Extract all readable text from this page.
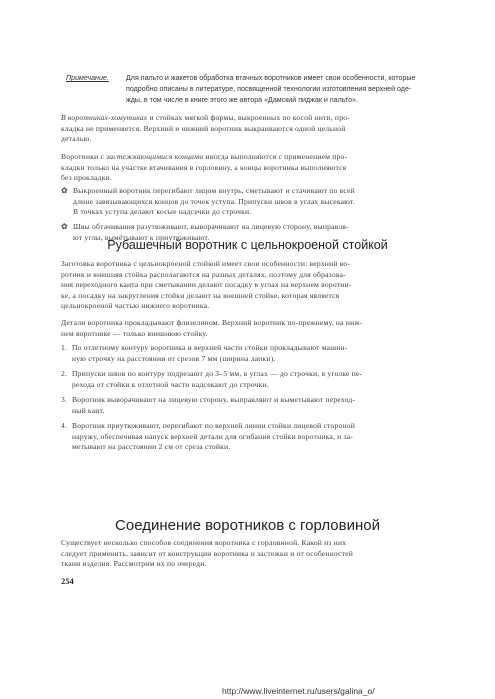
Примечание. Для пальто и жакетов обработка втачных воротников имеет свои особенности, которые
подробно описаны в литературе, посвященной технологии изготовления верхней оде-
жды, в том числе в книге этого же автора «Дамский пиджак и пальто».
В воротниках-хомутиках и стойках мягкой формы, выкроенных по косой нити, про-
кладка не применяется. Верхний и нижний воротник выкраиваются одной цельной
деталью.
Воротники с застежкающимися концами иногда выполняются с применением про-
кладки только на участке втачивания в горловину, а концы воротника выполняются
без прокладки.
✿ Выкроенный воротник перегибают лицом внутрь, сметывают и стачивают по всей
длине завязывающихся концов до точек уступа. Припуски швов в углах высекают.
В точках уступа делают косые надсечки до строчки.
✿ Швы обтачивания разутюживают, выворачивают на лицевую сторону, выправля-
ют углы, вымётывают к приутюживают.
Рубашечный воротник с цельнокроеной стойкой
Заготовка воротника с цельнокроеной стойкой имеет свои особенности: верхний во-
ротник и внешняя стойка располагаются на разных деталях, поэтому для образова-
ния переходного канта при сметывании делают посадку в углах на верхнем воротни-
ке, а посадку на закругления стойки делают на внешней стойке, которая является
цельнокроеной частью нижнего воротника.
Детали воротника прокладывают флизелином. Верхний воротник по-прежнему, на ниж-
нем воротнике — только внешнюю стойку.
1. По отлетному контуру воротника и верхней части стойки прокладывают машин-
ную строчку на расстоянии от срезов 7 мм (ширина лапки).
2. Припуски швов по контуру подрезают до 3–5 мм, в углах — до строчки, в уголке пе-
рехода от стойки к отлетной части надсекают до строчки.
3. Воротник выворачивают на лицевую сторону, выправляют и выметывают переход-
ный кант.
4. Воротник приутюживают, перегибают по верхней линии стойки лицевой стороной
наружу, обеспечивая напуск верхней детали для огибания стойки воротника, и за-
метывают на расстоянии 2 см от среза стойки.
Соединение воротников с горловиной
Существует несколько способов соединения воротника с горловиной. Какой из них
следует применить, зависит от конструкции воротника и застежки и от особенностей
ткани изделия. Рассмотрим их по очереди.
254
http://www.liveinternet.ru/users/galina_o/
